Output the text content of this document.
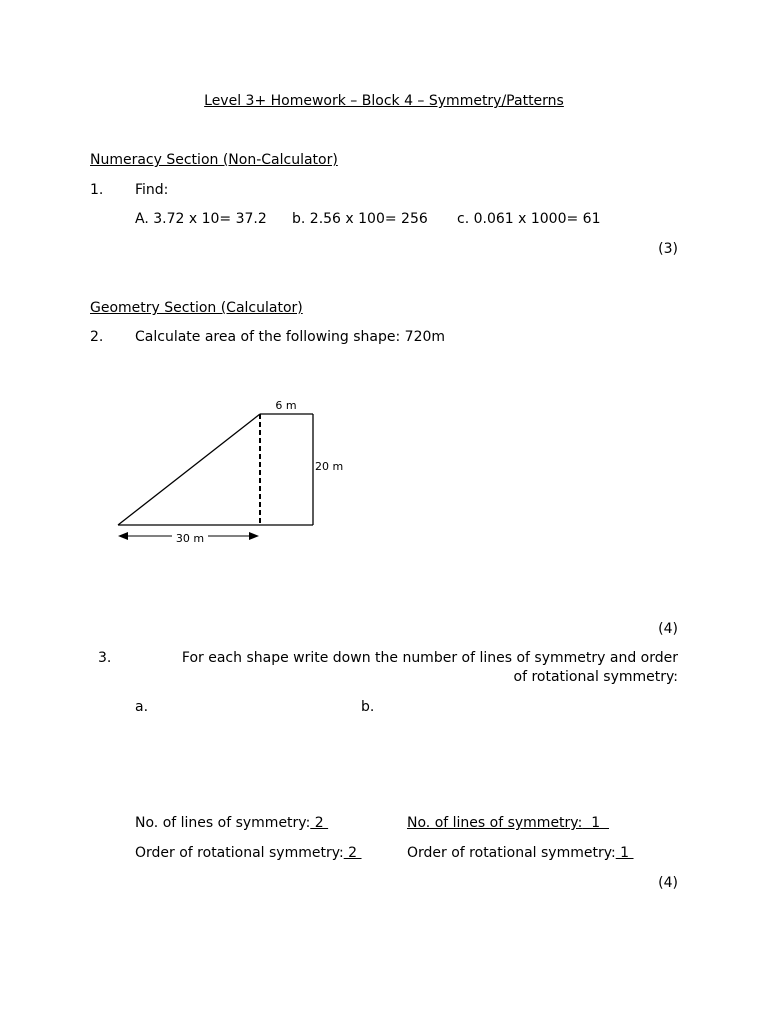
Level 3+ Homework – Block 4 – Symmetry/Patterns
Numeracy Section (Non-Calculator)
1. Find:
A. 3.72 x 10= 37.2 b. 2.56 x 100= 256 c. 0.061 x 1000= 61
(3)
Geometry Section (Calculator)
2. Calculate area of the following shape: 720m
6 m
20 m
30 m
(4)
3.	For each shape write down the number of lines of symmetry and order
of rotational symmetry:
a.	b.
No. of lines of symmetry: 2
Order of rotational symmetry: 2
No. of lines of symmetry:  1
Order of rotational symmetry: 1
(4)
